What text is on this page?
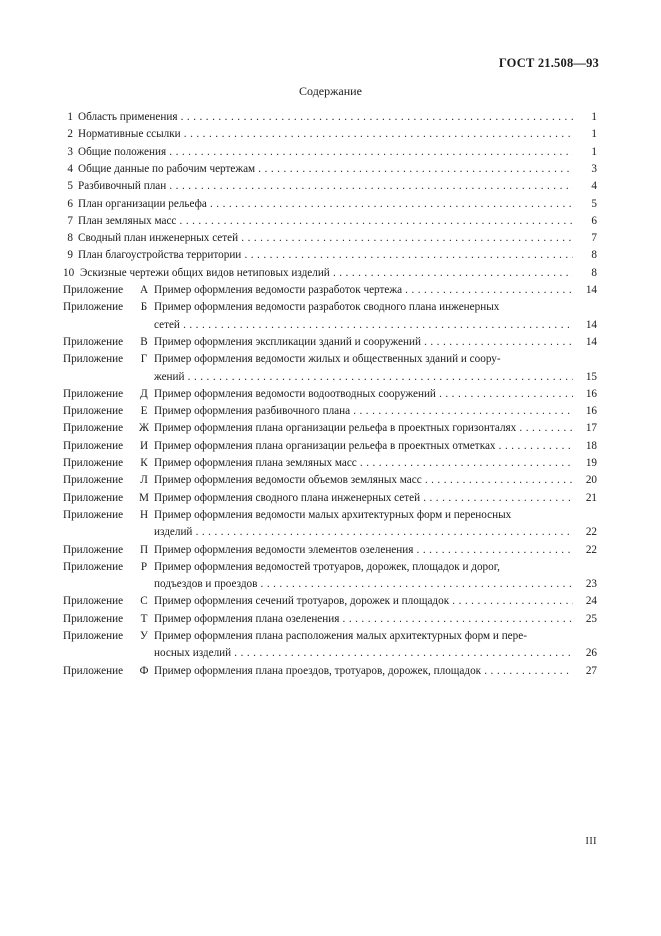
ГОСТ 21.508—93
Содержание
1 Область применения . . .	1
2 Нормативные ссылки . . .	1
3 Общие положения . . .	1
4 Общие данные по рабочим чертежам . . .	3
5 Разбивочный план . . .	4
6 План организации рельефа . . .	5
7 План земляных масс . . .	6
8 Сводный план инженерных сетей . . .	7
9 План благоустройства территории . . .	8
10 Эскизные чертежи общих видов нетиповых изделий . . .	8
Приложение А Пример оформления ведомости разработок чертежа . . .	14
Приложение	Б Пример оформления ведомости разработок сводного плана инженерных
сетей . . .	14
Приложение В Пример оформления экспликации зданий и сооружений . . .	14
Приложение	Г Пример оформления ведомости жилых и общественных зданий и соору-
жений . . .	15
Приложение Д Пример оформления ведомости водоотводных сооружений . . .	16
Приложение	Е Пример оформления разбивочного плана . . .	16
Приложение Ж Пример оформления плана организации рельефа в проектных горизонталях . . .	17
Приложение И Пример оформления плана организации рельефа в проектных отметках . . .	18
Приложение К Пример оформления плана земляных масс . . .	19
Приложение Л Пример оформления ведомости объемов земляных масс . . .	20
Приложение М Пример оформления сводного плана инженерных сетей . . .	21
Приложение Н Пример оформления ведомости малых архитектурных форм и переносных
изделий . . .	22
Приложение П Пример оформления ведомости элементов озеленения . . .	22
Приложение	Р Пример оформления ведомостей тротуаров, дорожек, площадок и дорог,
подъездов и проездов . . .	23
Приложение С Пример оформления сечений тротуаров, дорожек и площадок . . .	24
Приложение	Т Пример оформления плана озеленения . . .	25
Приложение У Пример оформления плана расположения малых архитектурных форм и пере-
носных изделий . . .	26
Приложение Ф Пример оформления плана проездов, тротуаров, дорожек, площадок . . .	27
III
